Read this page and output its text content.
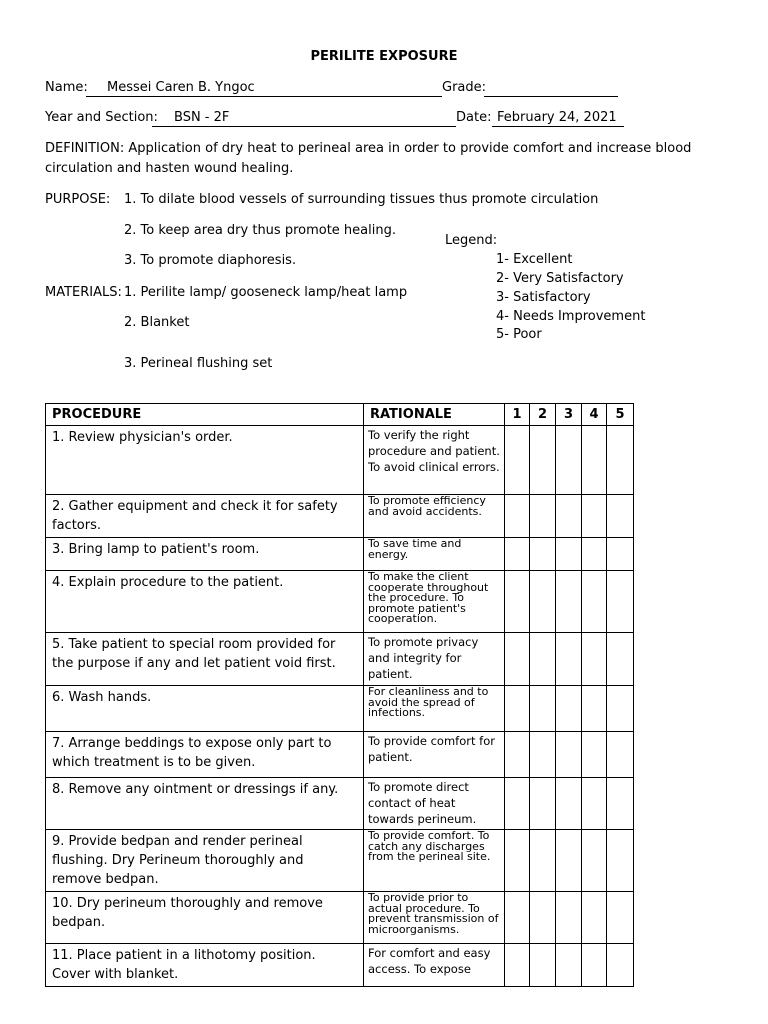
PERILITE EXPOSURE
Name: Messei Caren B. Yngoc	Grade:
Year and Section: BSN - 2F	Date: February 24, 2021
DEFINITION: Application of dry heat to perineal area in order to provide comfort and increase blood circulation and hasten wound healing.
PURPOSE: 1. To dilate blood vessels of surrounding tissues thus promote circulation
2. To keep area dry thus promote healing.
3. To promote diaphoresis.
Legend:
1- Excellent
2- Very Satisfactory
3- Satisfactory
4- Needs Improvement
5- Poor
MATERIALS: 1. Perilite lamp/ gooseneck lamp/heat lamp
2. Blanket
3. Perineal flushing set
PROCEDURE	RATIONALE	1	2	3	4	5
1. Review physician's order.	To verify the right procedure and patient. To avoid clinical errors.					
2. Gather equipment and check it for safety factors.	To promote efficiency and avoid accidents.					
3. Bring lamp to patient's room.	To save time and energy.					
4. Explain procedure to the patient.	To make the client cooperate throughout the procedure. To promote patient's cooperation.					
5. Take patient to special room provided for the purpose if any and let patient void first.	To promote privacy and integrity for patient.					
6. Wash hands.	For cleanliness and to avoid the spread of infections.					
7. Arrange beddings to expose only part to which treatment is to be given.	To provide comfort for patient.					
8. Remove any ointment or dressings if any.	To promote direct contact of heat towards perineum.					
9. Provide bedpan and render perineal flushing. Dry Perineum thoroughly and remove bedpan.	To provide comfort. To catch any discharges from the perineal site.					
10. Dry perineum thoroughly and remove bedpan.	To provide prior to actual procedure. To prevent transmission of microorganisms.					
11. Place patient in a lithotomy position. Cover with blanket.	For comfort and easy access. To expose					
